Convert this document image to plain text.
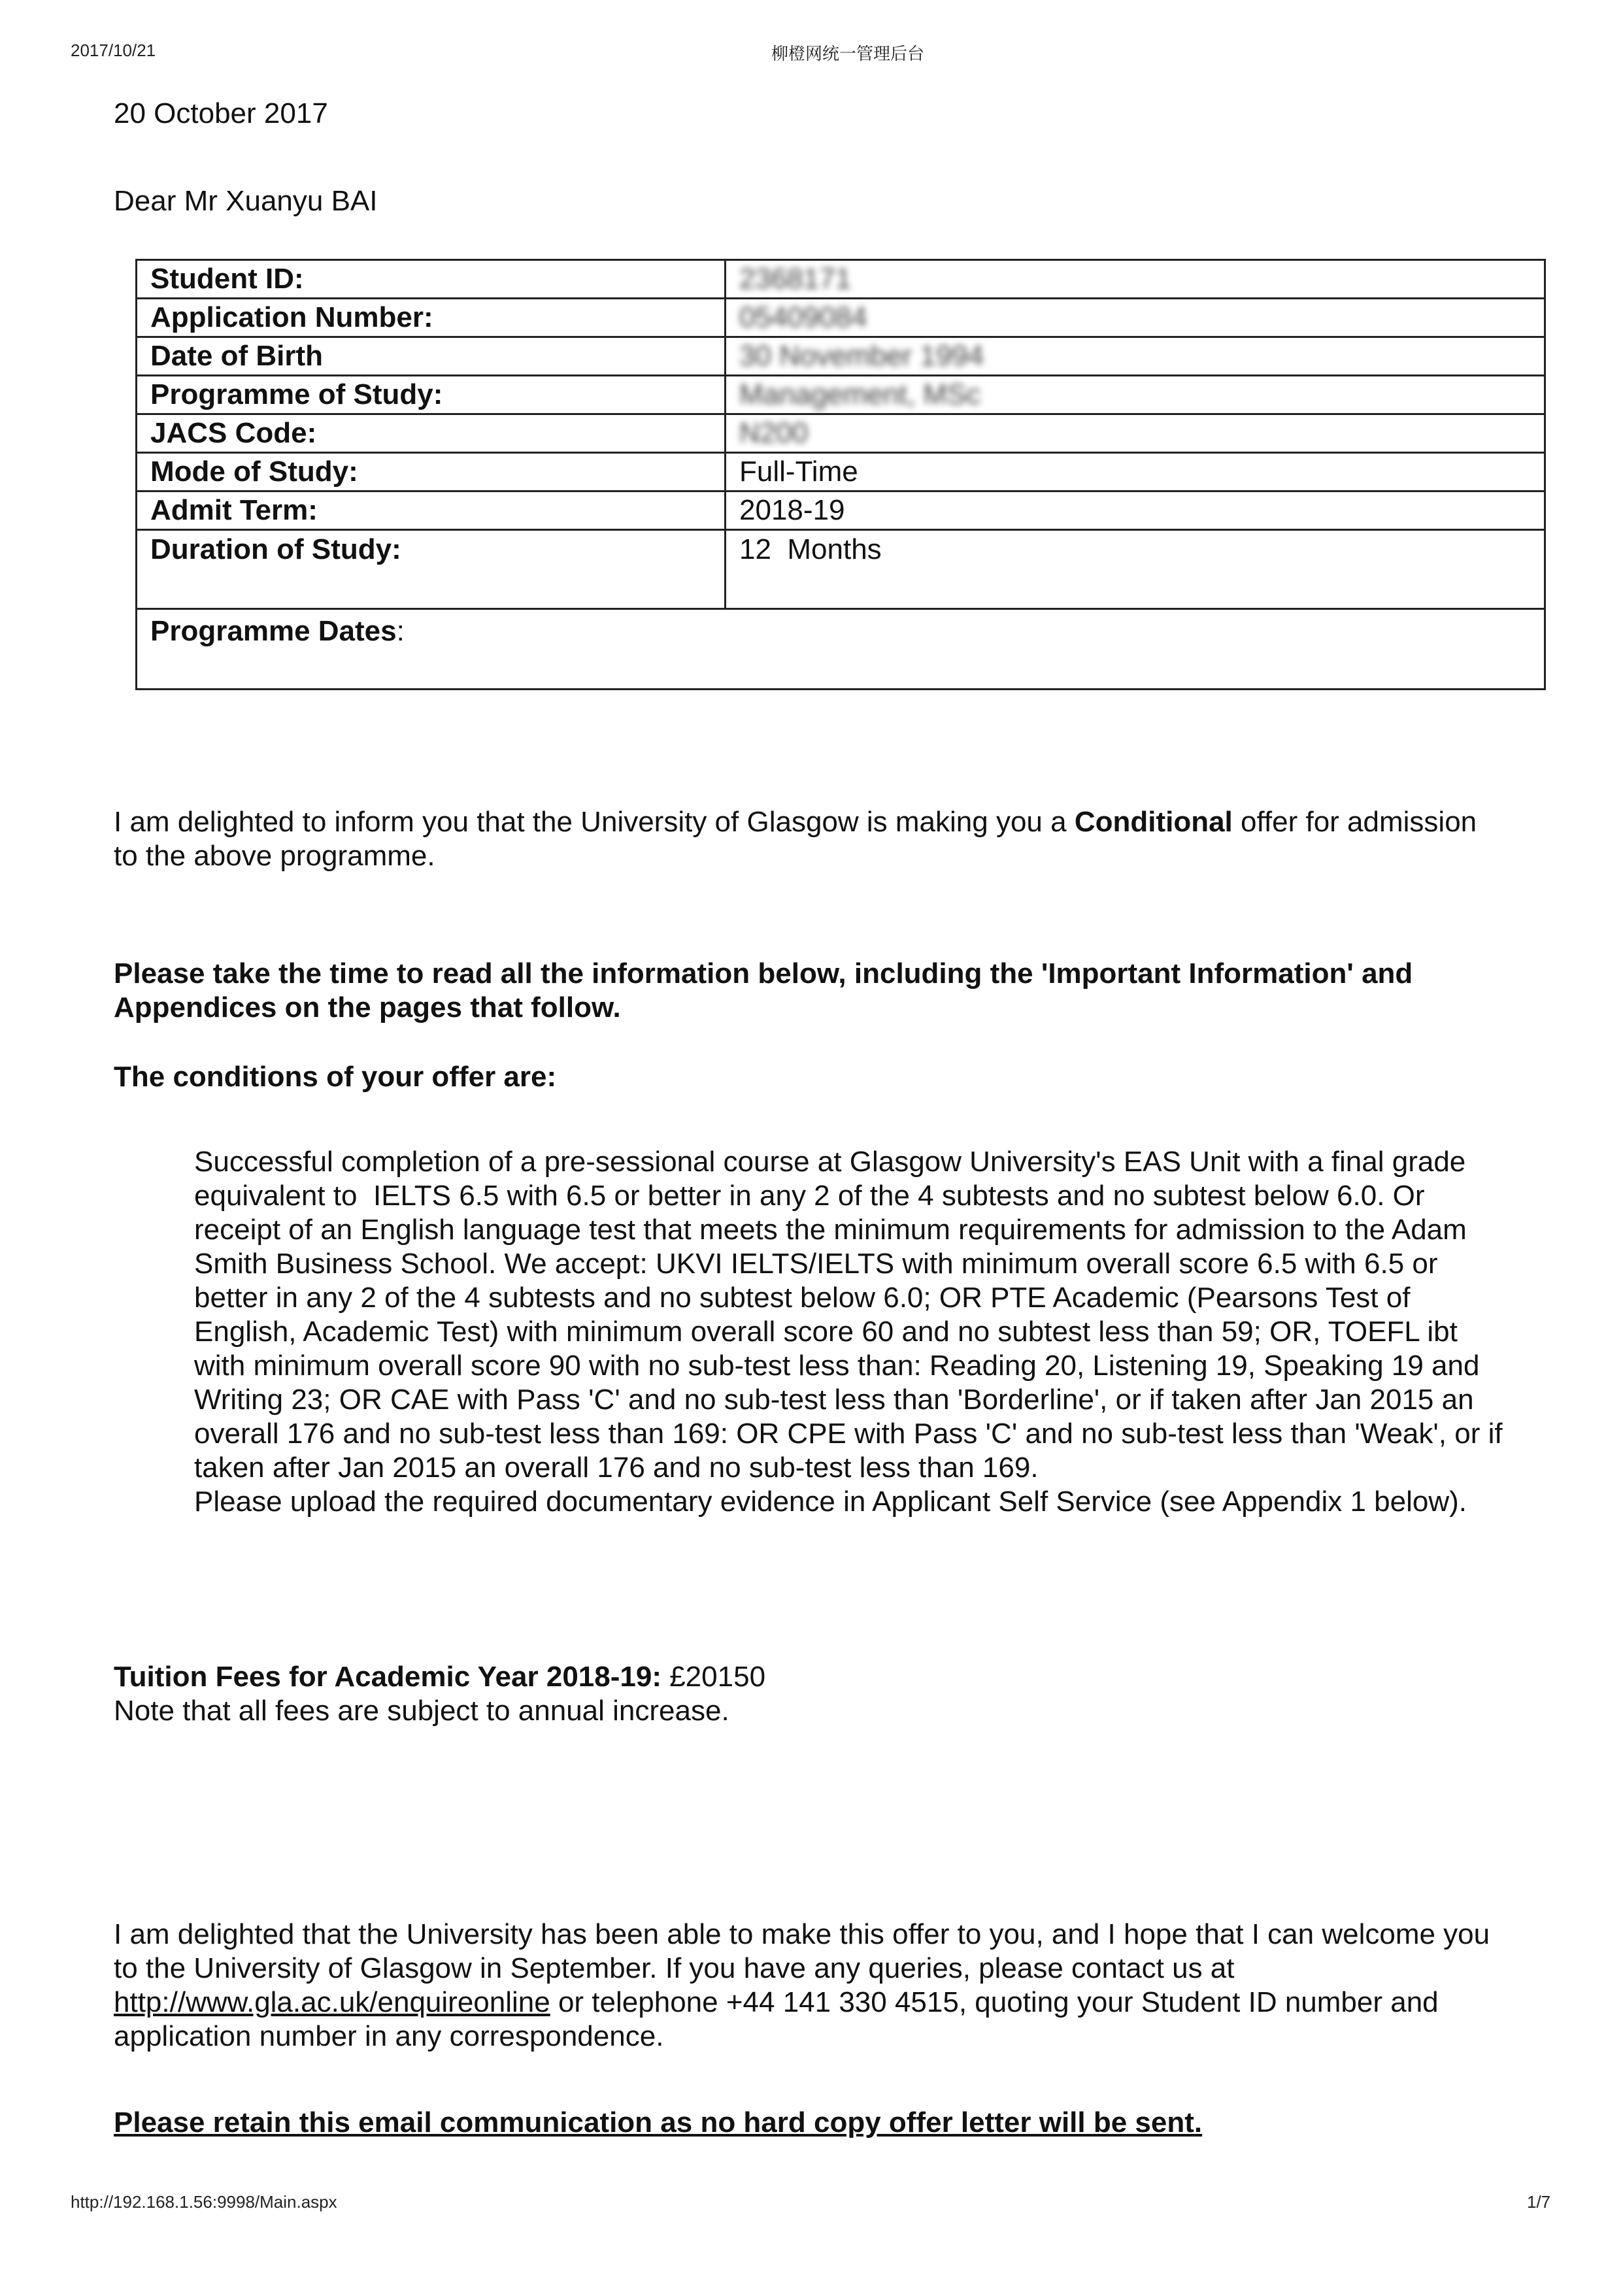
2017/10/21	柳橙网统一管理后台
20 October 2017
Dear Mr Xuanyu BAI
Student ID:	2368171
Application Number:	05409084
Date of Birth	30 November 1994
Programme of Study:	Management, MSc
JACS Code:	N200
Mode of Study:	Full-Time
Admit Term:	2018-19
Duration of Study:	12  Months
Programme Dates:	
I am delighted to inform you that the University of Glasgow is making you a Conditional offer for admission to the above programme.
Please take the time to read all the information below, including the 'Important Information' and Appendices on the pages that follow.
The conditions of your offer are:

Successful completion of a pre-sessional course at Glasgow University's EAS Unit with a final grade equivalent to  IELTS 6.5 with 6.5 or better in any 2 of the 4 subtests and no subtest below 6.0. Or receipt of an English language test that meets the minimum requirements for admission to the Adam Smith Business School. We accept: UKVI IELTS/IELTS with minimum overall score 6.5 with 6.5 or better in any 2 of the 4 subtests and no subtest below 6.0; OR PTE Academic (Pearsons Test of English, Academic Test) with minimum overall score 60 and no subtest less than 59; OR, TOEFL ibt with minimum overall score 90 with no sub-test less than: Reading 20, Listening 19, Speaking 19 and Writing 23; OR CAE with Pass 'C' and no sub-test less than 'Borderline', or if taken after Jan 2015 an overall 176 and no sub-test less than 169: OR CPE with Pass 'C' and no sub-test less than 'Weak', or if taken after Jan 2015 an overall 176 and no sub-test less than 169.

Please upload the required documentary evidence in Applicant Self Service (see Appendix 1 below).

Tuition Fees for Academic Year 2018-19: £20150
Note that all fees are subject to annual increase.
I am delighted that the University has been able to make this offer to you, and I hope that I can welcome you to the University of Glasgow in September. If you have any queries, please contact us at http://www.gla.ac.uk/enquireonline or telephone +44 141 330 4515, quoting your Student ID number and application number in any correspondence.
Please retain this email communication as no hard copy offer letter will be sent.
http://192.168.1.56:9998/Main.aspx	1/7
